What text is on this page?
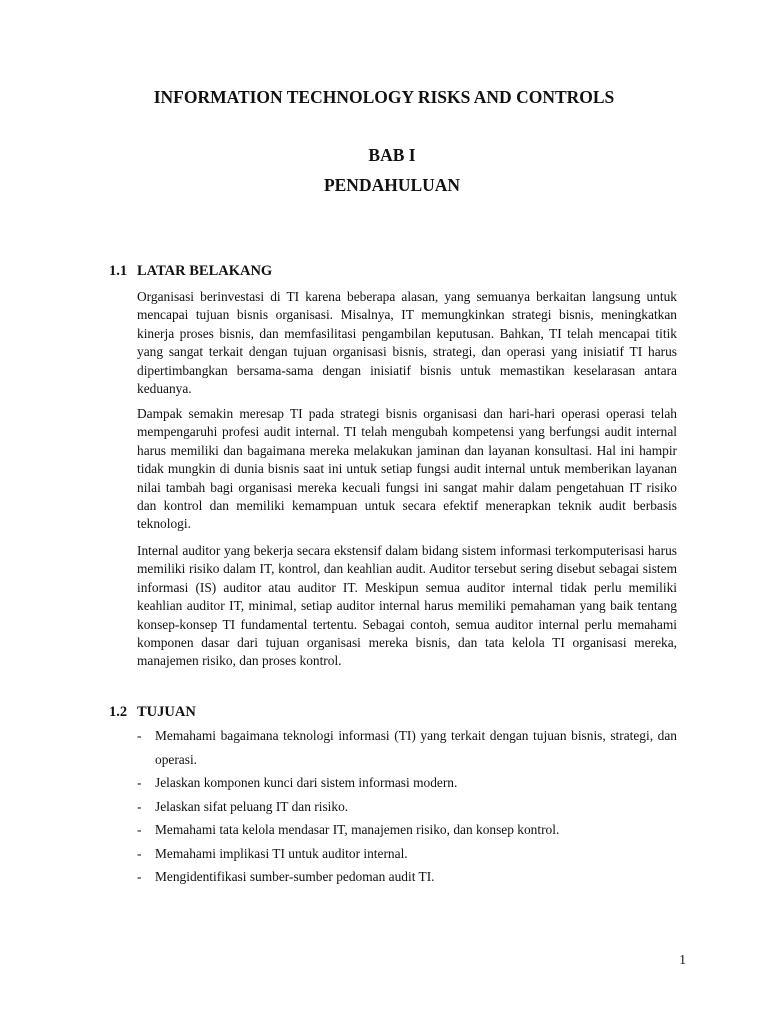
INFORMATION TECHNOLOGY RISKS AND CONTROLS
BAB I
PENDAHULUAN
1.1 LATAR BELAKANG

Organisasi berinvestasi di TI karena beberapa alasan, yang semuanya berkaitan langsung untuk mencapai tujuan bisnis organisasi. Misalnya, IT memungkinkan strategi bisnis, meningkatkan kinerja proses bisnis, dan memfasilitasi pengambilan keputusan. Bahkan, TI telah mencapai titik yang sangat terkait dengan tujuan organisasi bisnis, strategi, dan operasi yang inisiatif TI harus dipertimbangkan bersama-sama dengan inisiatif bisnis untuk memastikan keselarasan antara keduanya.

Dampak semakin meresap TI pada strategi bisnis organisasi dan hari-hari operasi operasi telah mempengaruhi profesi audit internal. TI telah mengubah kompetensi yang berfungsi audit internal harus memiliki dan bagaimana mereka melakukan jaminan dan layanan konsultasi. Hal ini hampir tidak mungkin di dunia bisnis saat ini untuk setiap fungsi audit internal untuk memberikan layanan nilai tambah bagi organisasi mereka kecuali fungsi ini sangat mahir dalam pengetahuan IT risiko dan kontrol dan memiliki kemampuan untuk secara efektif menerapkan teknik audit berbasis teknologi.

Internal auditor yang bekerja secara ekstensif dalam bidang sistem informasi terkomputerisasi harus memiliki risiko dalam IT, kontrol, dan keahlian audit. Auditor tersebut sering disebut sebagai sistem informasi (IS) auditor atau auditor IT. Meskipun semua auditor internal tidak perlu memiliki keahlian auditor IT, minimal, setiap auditor internal harus memiliki pemahaman yang baik tentang konsep-konsep TI fundamental tertentu. Sebagai contoh, semua auditor internal perlu memahami komponen dasar dari tujuan organisasi mereka bisnis, dan tata kelola TI organisasi mereka, manajemen risiko, dan proses kontrol.

1.2 TUJUAN
- Memahami bagaimana teknologi informasi (TI) yang terkait dengan tujuan bisnis, strategi, dan operasi.
- Jelaskan komponen kunci dari sistem informasi modern.
- Jelaskan sifat peluang IT dan risiko.
- Memahami tata kelola mendasar IT, manajemen risiko, dan konsep kontrol.
- Memahami implikasi TI untuk auditor internal.
- Mengidentifikasi sumber-sumber pedoman audit TI.
1
